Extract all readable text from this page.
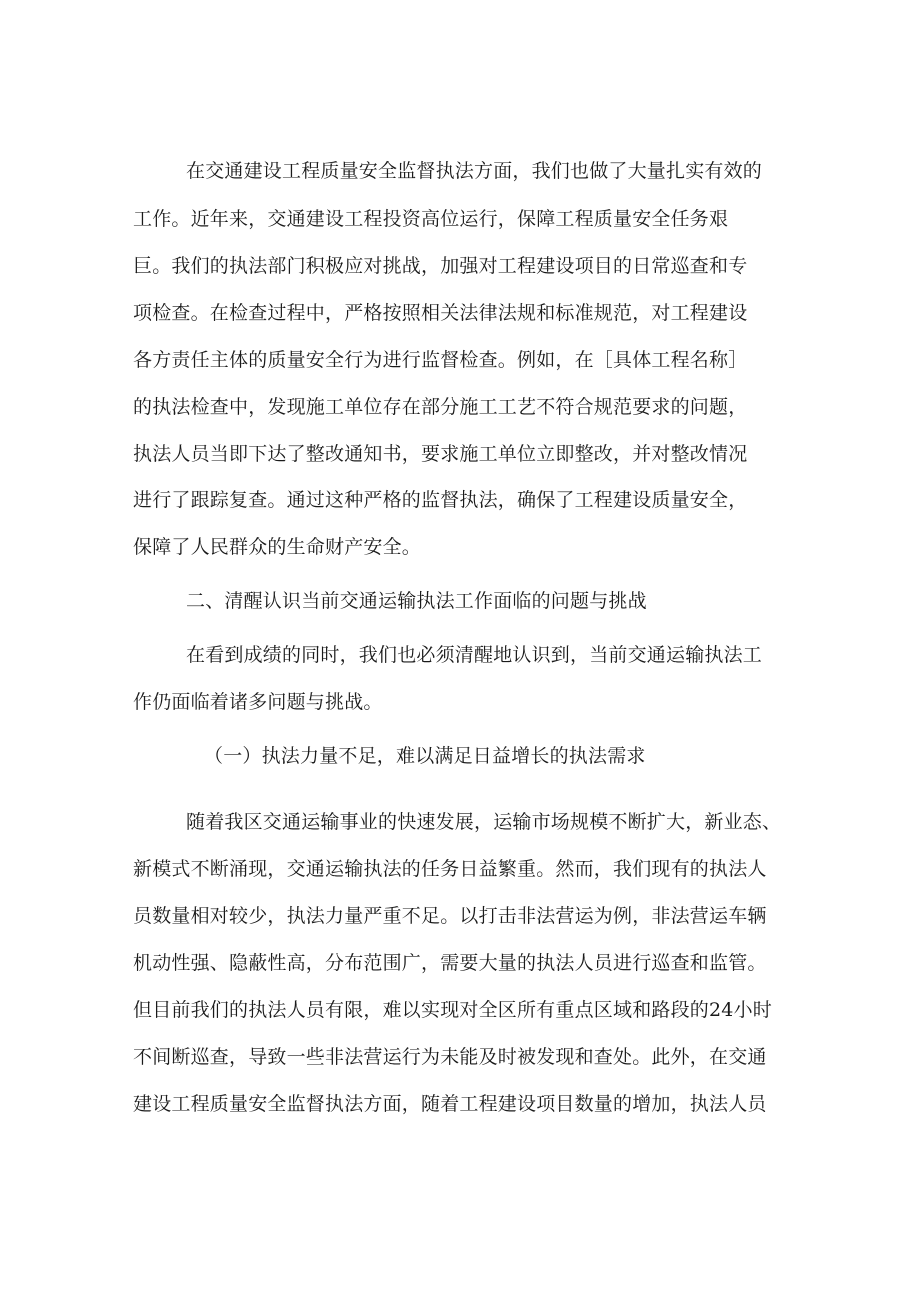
在交通建设工程质量安全监督执法方面，我们也做了大量扎实有效的
工作。近年来，交通建设工程投资高位运行，保障工程质量安全任务艰
巨。我们的执法部门积极应对挑战，加强对工程建设项目的日常巡查和专
项检查。在检查过程中，严格按照相关法律法规和标准规范，对工程建设
各方责任主体的质量安全行为进行监督检查。例如，在［具体工程名称］
的执法检查中，发现施工单位存在部分施工工艺不符合规范要求的问题，
执法人员当即下达了整改通知书，要求施工单位立即整改，并对整改情况
进行了跟踪复查。通过这种严格的监督执法，确保了工程建设质量安全，
保障了人民群众的生命财产安全。
二、清醒认识当前交通运输执法工作面临的问题与挑战
在看到成绩的同时，我们也必须清醒地认识到，当前交通运输执法工
作仍面临着诸多问题与挑战。
（一）执法力量不足，难以满足日益增长的执法需求
随着我区交通运输事业的快速发展，运输市场规模不断扩大，新业态、
新模式不断涌现，交通运输执法的任务日益繁重。然而，我们现有的执法人
员数量相对较少，执法力量严重不足。以打击非法营运为例，非法营运车辆
机动性强、隐蔽性高，分布范围广，需要大量的执法人员进行巡查和监管。
但目前我们的执法人员有限，难以实现对全区所有重点区域和路段的24小时
不间断巡查，导致一些非法营运行为未能及时被发现和查处。此外，在交通
建设工程质量安全监督执法方面，随着工程建设项目数量的增加，执法人员
